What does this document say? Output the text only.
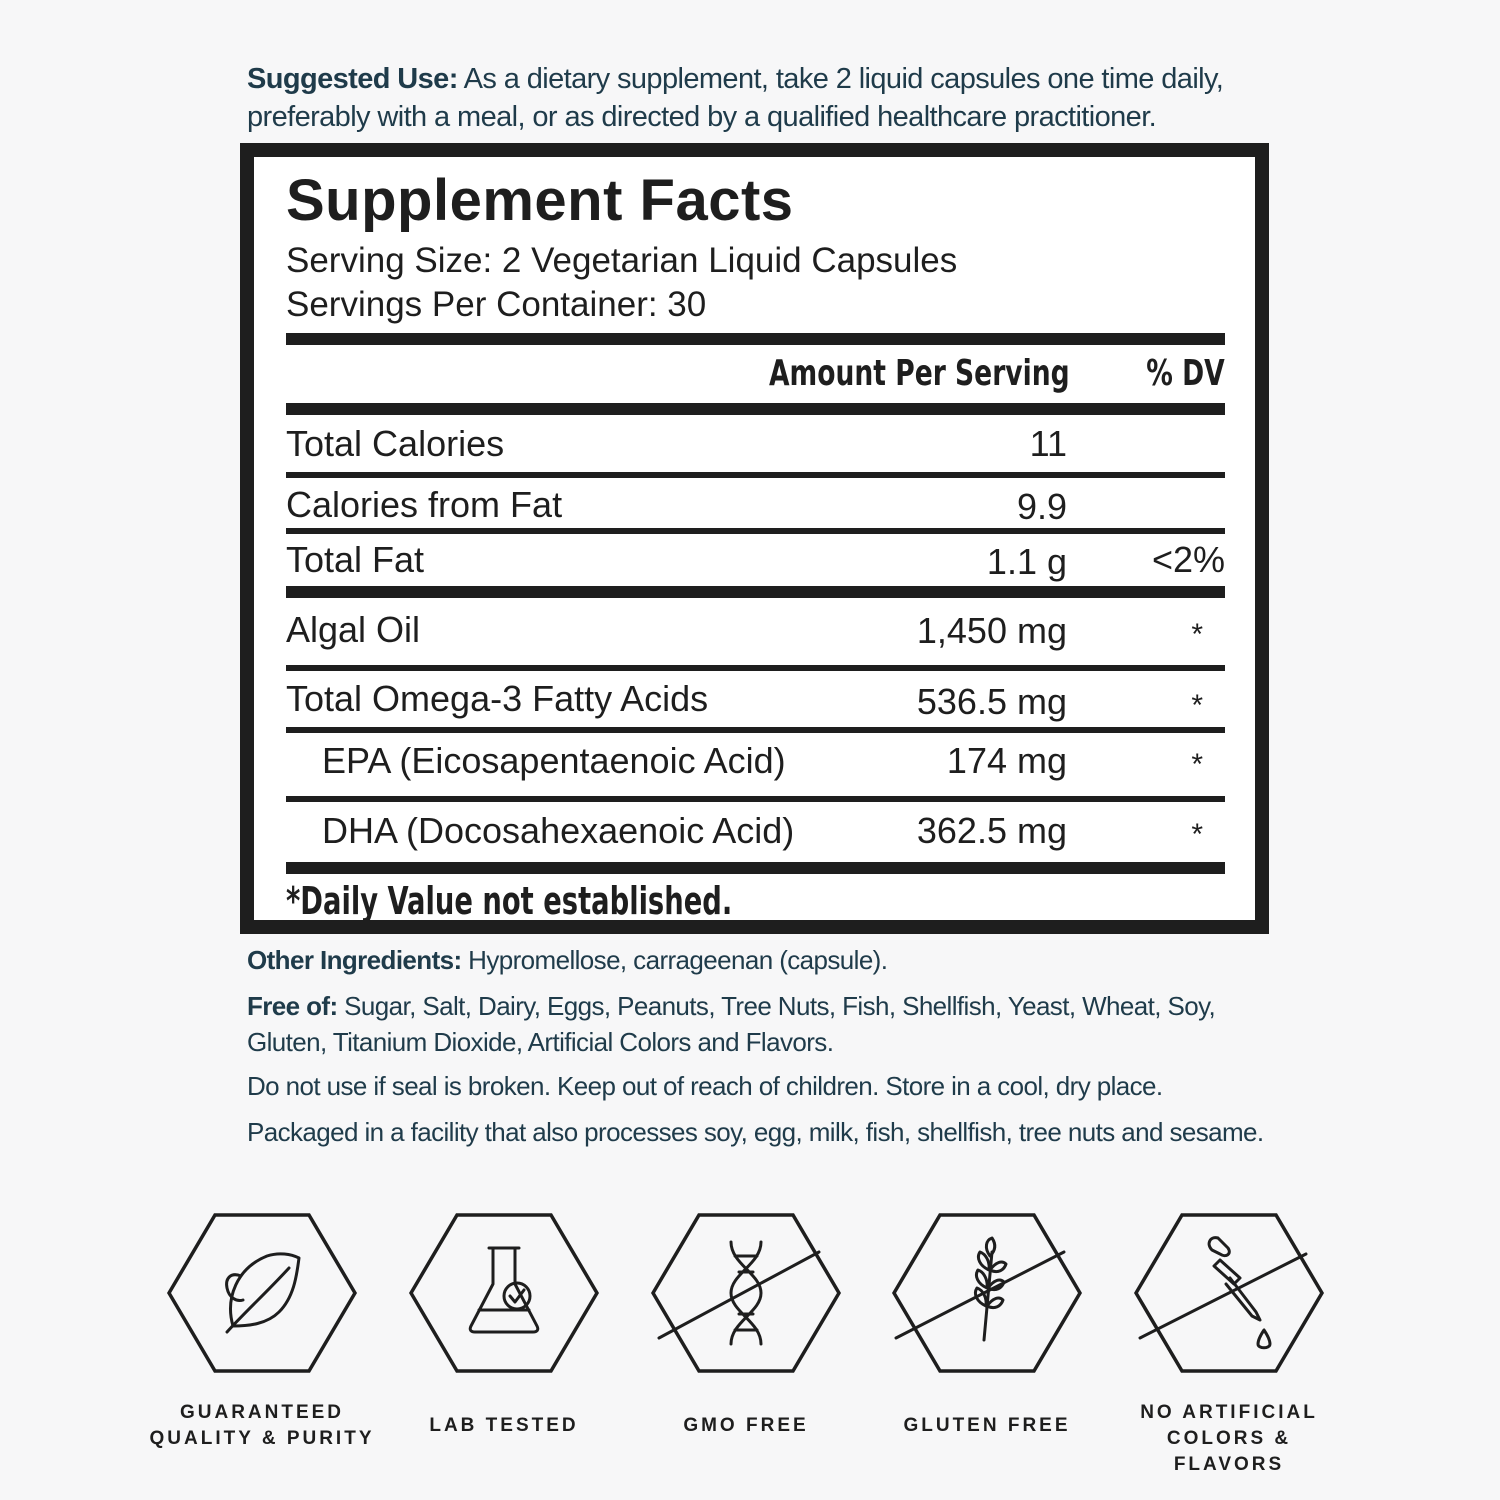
Suggested Use: As a dietary supplement, take 2 liquid capsules one time daily, preferably with a meal, or as directed by a qualified healthcare practitioner.
Supplement Facts
Serving Size: 2 Vegetarian Liquid Capsules
Servings Per Container: 30
Amount Per Serving % DV
Total Calories	11
Calories from Fat	9.9
Total Fat	1.1 g <2%
Algal Oil	1,450 mg	*
Total Omega-3 Fatty Acids	536.5 mg	*
EPA (Eicosapentaenoic Acid)	174 mg	*
DHA (Docosahexaenoic Acid)	362.5 mg	*
*Daily Value not established.
Other Ingredients: Hypromellose, carrageenan (capsule).
Free of: Sugar, Salt, Dairy, Eggs, Peanuts, Tree Nuts, Fish, Shellfish, Yeast, Wheat, Soy, Gluten, Titanium Dioxide, Artificial Colors and Flavors.
Do not use if seal is broken. Keep out of reach of children. Store in a cool, dry place.
Packaged in a facility that also processes soy, egg, milk, fish, shellfish, tree nuts and sesame.
GUARANTEED
QUALITY & PURITY
LAB TESTED	GMO FREE	GLUTEN FREE
NO ARTIFICIAL
COLORS & FLAVORS
